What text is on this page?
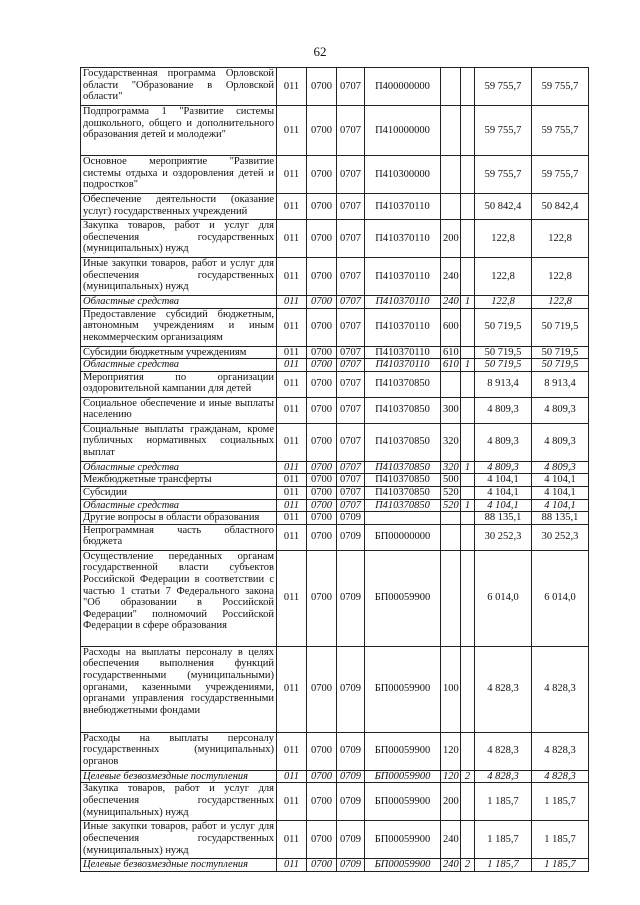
62
Государственная программа Орловской области "Образование в Орловской области"	011	0700	0707	П400000000			59 755,7	59 755,7
Подпрограмма 1 "Развитие системы дошкольного, общего и дополнительного образования детей и молодежи"	011	0700	0707	П410000000			59 755,7	59 755,7
Основное мероприятие "Развитие системы отдыха и оздоровления детей и подростков"	011	0700	0707	П410300000			59 755,7	59 755,7
Обеспечение деятельности (оказание услуг) государственных учреждений	011	0700	0707	П410370110			50 842,4	50 842,4
Закупка товаров, работ и услуг для обеспечения государственных (муниципальных) нужд	011	0700	0707	П410370110	200		122,8	122,8
Иные закупки товаров, работ и услуг для обеспечения государственных (муниципальных) нужд	011	0700	0707	П410370110	240		122,8	122,8
Областные средства	011	0700	0707	П410370110	240	1	122,8	122,8
Предоставление субсидий бюджетным, автономным учреждениям и иным некоммерческим организациям	011	0700	0707	П410370110	600		50 719,5	50 719,5
Субсидии бюджетным учреждениям	011	0700	0707	П410370110	610		50 719,5	50 719,5
Областные средства	011	0700	0707	П410370110	610	1	50 719,5	50 719,5
Мероприятия по организации оздоровительной кампании для детей	011	0700	0707	П410370850			8 913,4	8 913,4
Социальное обеспечение и иные выплаты населению	011	0700	0707	П410370850	300		4 809,3	4 809,3
Социальные выплаты гражданам, кроме публичных нормативных социальных выплат	011	0700	0707	П410370850	320		4 809,3	4 809,3
Областные средства	011	0700	0707	П410370850	320	1	4 809,3	4 809,3
Межбюджетные трансферты	011	0700	0707	П410370850	500		4 104,1	4 104,1
Субсидии	011	0700	0707	П410370850	520		4 104,1	4 104,1
Областные средства	011	0700	0707	П410370850	520	1	4 104,1	4 104,1
Другие вопросы в области образования	011	0700	0709				88 135,1	88 135,1
Непрограммная часть областного бюджета	011	0700	0709	БП00000000			30 252,3	30 252,3
Осуществление переданных органам государственной власти субъектов Российской Федерации в соответствии с частью 1 статьи 7 Федерального закона "Об образовании в Российской Федерации" полномочий Российской Федерации в сфере образования	011	0700	0709	БП00059900			6 014,0	6 014,0
Расходы на выплаты персоналу в целях обеспечения выполнения функций государственными (муниципальными) органами, казенными учреждениями, органами управления государственными внебюджетными фондами	011	0700	0709	БП00059900	100		4 828,3	4 828,3
Расходы на выплаты персоналу государственных (муниципальных) органов	011	0700	0709	БП00059900	120		4 828,3	4 828,3
Целевые безвозмездные поступления	011	0700	0709	БП00059900	120	2	4 828,3	4 828,3
Закупка товаров, работ и услуг для обеспечения государственных (муниципальных) нужд	011	0700	0709	БП00059900	200		1 185,7	1 185,7
Иные закупки товаров, работ и услуг для обеспечения государственных (муниципальных) нужд	011	0700	0709	БП00059900	240		1 185,7	1 185,7
Целевые безвозмездные поступления	011	0700	0709	БП00059900	240	2	1 185,7	1 185,7
